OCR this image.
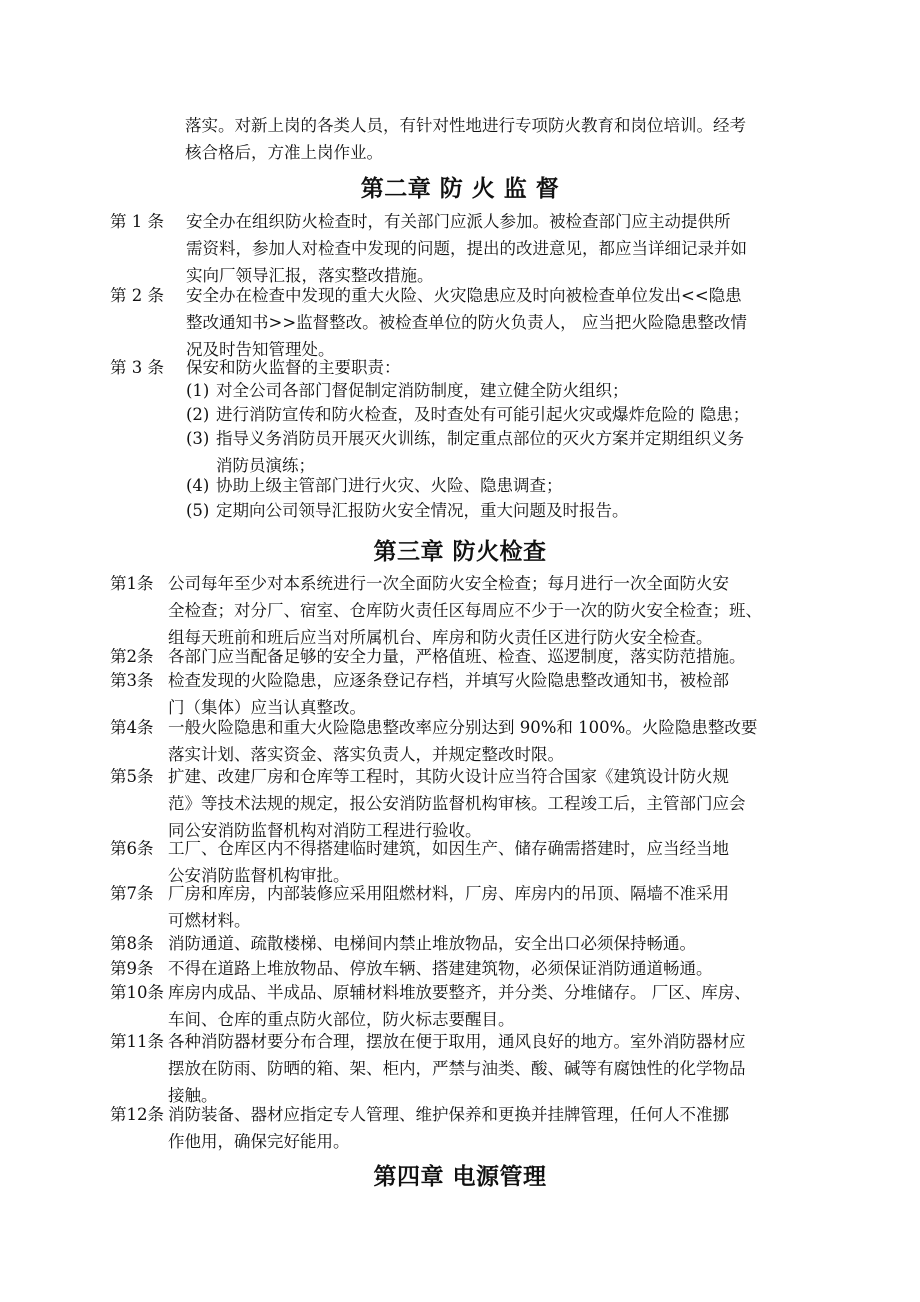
落实。对新上岗的各类人员，有针对性地进行专项防火教育和岗位培训。经考
核合格后，方准上岗作业。
第二章 防 火 监 督
第 1 条 安全办在组织防火检查时，有关部门应派人参加。被检查部门应主动提供所
需资料，参加人对检查中发现的问题，提出的改进意见，都应当详细记录并如
实向厂领导汇报，落实整改措施。
第 2 条 安全办在检查中发现的重大火险、火灾隐患应及时向被检查单位发出<<隐患
整改通知书>>监督整改。被检查单位的防火负责人， 应当把火险隐患整改情
况及时告知管理处。
第 3 条 保安和防火监督的主要职责：
(1) 对全公司各部门督促制定消防制度，建立健全防火组织；
(2) 进行消防宣传和防火检查，及时查处有可能引起火灾或爆炸危险的 隐患；
(3) 指导义务消防员开展灭火训练，制定重点部位的灭火方案并定期组织义务
消防员演练；
(4) 协助上级主管部门进行火灾、火险、隐患调查；
(5) 定期向公司领导汇报防火安全情况，重大问题及时报告。
第三章 防火检查
第1条 公司每年至少对本系统进行一次全面防火安全检查；每月进行一次全面防火安
全检查；对分厂、宿室、仓库防火责任区每周应不少于一次的防火安全检查；班、
组每天班前和班后应当对所属机台、库房和防火责任区进行防火安全检查。
第2条 各部门应当配备足够的安全力量，严格值班、检查、巡逻制度，落实防范措施。
第3条 检查发现的火险隐患，应逐条登记存档，并填写火险隐患整改通知书，被检部
门（集体）应当认真整改。
第4条 一般火险隐患和重大火险隐患整改率应分别达到 90%和 100%。火险隐患整改要
落实计划、落实资金、落实负责人，并规定整改时限。
第5条 扩建、改建厂房和仓库等工程时，其防火设计应当符合国家《建筑设计防火规
范》等技术法规的规定，报公安消防监督机构审核。工程竣工后，主管部门应会
同公安消防监督机构对消防工程进行验收。
第6条 工厂、仓库区内不得搭建临时建筑，如因生产、储存确需搭建时，应当经当地
公安消防监督机构审批。
第7条 厂房和库房，内部装修应采用阻燃材料，厂房、库房内的吊顶、隔墙不准采用
可燃材料。
第8条 消防通道、疏散楼梯、电梯间内禁止堆放物品，安全出口必须保持畅通。
第9条 不得在道路上堆放物品、停放车辆、搭建建筑物，必须保证消防通道畅通。
第10条 库房内成品、半成品、原辅材料堆放要整齐，并分类、分堆储存。 厂区、库房、
车间、仓库的重点防火部位，防火标志要醒目。
第11条 各种消防器材要分布合理，摆放在便于取用，通风良好的地方。室外消防器材应
摆放在防雨、防晒的箱、架、柜内，严禁与油类、酸、碱等有腐蚀性的化学物品
接触。
第12条 消防装备、器材应指定专人管理、维护保养和更换并挂牌管理，任何人不准挪
作他用，确保完好能用。
第四章 电源管理
